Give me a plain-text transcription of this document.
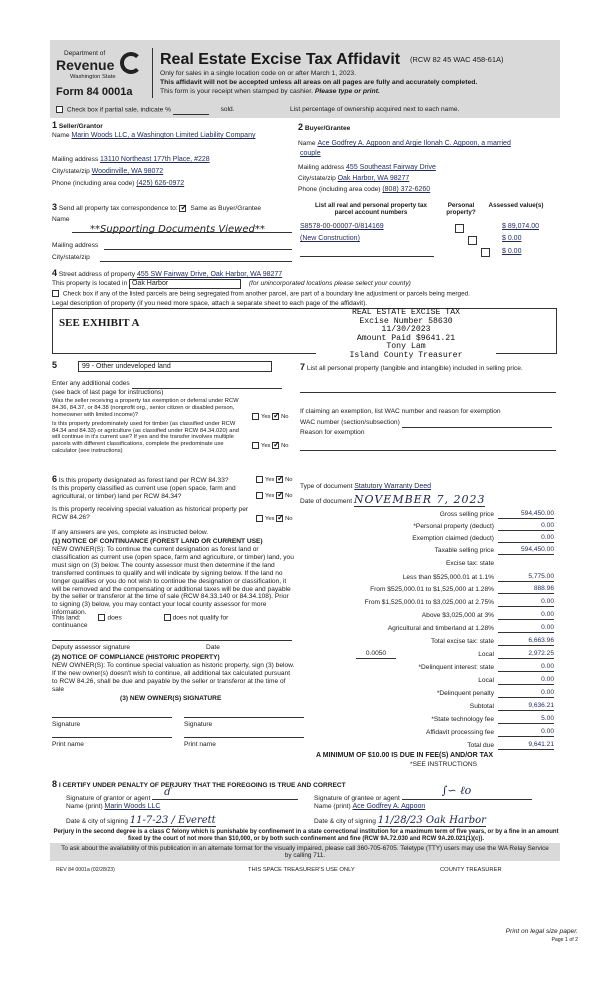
Department of
Revenue
Washington State
Form 84 0001a
Real Estate Excise Tax Affidavit (RCW 82 45 WAC 458-61A)
Only for sales in a single location code on or after March 1, 2023.
This affidavit will not be accepted unless all areas on all pages are fully and accurately completed.
This form is your receipt when stamped by cashier. Please type or print.
Check box if partial sale, indicate %	sold.	List percentage of ownership acquired next to each name.
1 Seller/Grantor
Name Marin Woods LLC, a Washington Limited Liability Company
Mailing address 13110 Northeast 177th Place, #228
City/state/zip Woodinville, WA 98072
Phone (including area code) (425) 626-0972
2 Buyer/Grantee
Name Ace Godfrey A. Agpoon and Argie Ilonah C. Agpoon, a married
couple
Mailing address 455 Southeast Fairway Drive
City/state/zip Oak Harbor, WA 98277
Phone (including area code) (808) 372-6260
3 Send all property tax correspondence to: ✓ Same as Buyer/Grantee
Name
**Supporting Documents Viewed**
Mailing address
City/state/zip
List all real and personal property tax parcel account numbers
Personal property?
Assessed value(s)
S8578-00-00007-0/814169
	$ 89,074.00
(New Construction)
	$ 0.00
$ 0.00
4 Street address of property 455 SW Fairway Drive, Oak Harbor, WA 98277
This property is located in Oak Harbor	(for unincorporated locations please select your county)
Check box if any of the listed parcels are being segregated from another parcel, are part of a boundary line adjustment or parcels being merged.
Legal description of property (if you need more space, attach a separate sheet to each page of the affidavit).
SEE EXHIBIT A
REAL ESTATE EXCISE TAX
Excise Number 58630
11/30/2023
Amount Paid $9641.21
Tony Lam
Island County Treasurer
5	99 - Other undeveloped land
Enter any additional codes
(see back of last page for instructions)
Was the seller receiving a property tax exemption or deferral under RCW 84.36, 84.37, or 84.38 (nonprofit org., senior citizen or disabled person, homeowner with limited income)?	Yes ✓ No
Is this property predominately used for timber (as classified under RCW 84.34 and 84.33) or agriculture (as classified under RCW 84.34.020) and will continue in it's current use? If yes and the transfer involves multiple parcels with different classifications, complete the predominate use calculator (see instructions)
Yes ✓ No
7 List all personal property (tangible and intangible) included in selling price.
If claiming an exemption, list WAC number and reason for exemption
WAC number (section/subsection)
Reason for exemption
6 Is this property designated as forest land per RCW 84.33?	Yes ✓ No
Is this property classified as current use (open space, farm and agricultural, or timber) land per RCW 84.34?	Yes ✓ No
Is this property receiving special valuation as historical property per RCW 84.26?	Yes ✓ No
If any answers are yes, complete as instructed below.
(1) NOTICE OF CONTINUANCE (FOREST LAND OR CURRENT USE)
NEW OWNER(S): To continue the current designation as forest land or classification as current use (open space, farm and agriculture, or timber) land, you must sign on (3) below. The county assessor must then determine if the land transferred continues to qualify and will indicate by signing below. If the land no longer qualifies or you do not wish to continue the designation or classification, it will be removed and the compensating or additional taxes will be due and payable by the seller or transferor at the time of sale (RCW 84.33.140 or 84.34.108). Prior to signing (3) below, you may contact your local county assessor for more information.
This land:	does	does not qualify for
continuance
Deputy assessor signature	Date
(2) NOTICE OF COMPLIANCE (HISTORIC PROPERTY)
NEW OWNER(S): To continue special valuation as historic property, sign (3) below. If the new owner(s) doesn't wish to continue, all additional tax calculated pursuant to RCW 84.26, shall be due and payable by the seller or transferor at the time of sale
(3) NEW OWNER(S) SIGNATURE
Signature	Signature
Print name	Print name
Type of document Statutory Warranty Deed
Date of document NOVEMBER 7, 2023
Gross selling price	594,450.00
*Personal property (deduct)	0.00
Exemption claimed (deduct)	0.00
Taxable selling price	594,450.00
Excise tax: state
Less than $525,000.01 at 1.1%	5,775.00
From $525,000.01 to $1,525,000 at 1.28%	888.96
From $1,525,000.01 to $3,025,000 at 2.75%	0.00
Above $3,025,000 at 3%	0.00
Agricultural and timberland at 1.28%	0.00
Total excise tax: state	6,663.96
0.0050	Local	2,972.25
*Delinquent interest: state	0.00
Local	0.00
*Delinquent penalty	0.00
Subtotal	9,636.21
*State technology fee	5.00
Affidavit processing fee	0.00
Total due	9,641.21
A MINIMUM OF $10.00 IS DUE IN FEE(S) AND/OR TAX
*SEE INSTRUCTIONS
8 I CERTIFY UNDER PENALTY OF PERJURY THAT THE FOREGOING IS TRUE AND CORRECT
Signature of grantor or agent
ɗ
Name (print) Marin Woods LLC
Date & city of signing 11-7-23 / Everett
Signature of grantee or agent
∫∽ ℓo
Name (print) Ace Godfrey A. Agpoon
Date & city of signing 11/28/23 Oak Harbor
Perjury in the second degree is a class C felony which is punishable by confinement in a state correctional institution for a maximum term of five years, or by a fine in an amount fixed by the court of not more than $10,000, or by both such confinement and fine (RCW 9A.72.030 and RCW 9A.20.021(1)(c)).
To ask about the availability of this publication in an alternate format for the visually impaired, please call 360-705-6705. Teletype (TTY) users may use the WA Relay Service by calling 711.
REV 84 0001a (02/28/23)	THIS SPACE TREASURER'S USE ONLY	COUNTY TREASURER
Print on legal size paper.
Page 1 of 2
